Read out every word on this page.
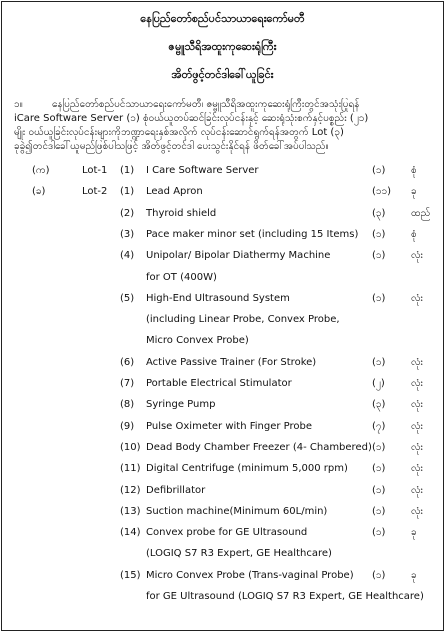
နေပြည်တော်စည်ပင်သာယာရေးကော်မတီ
ဇမ္ဗူသီရိအထူးကုဆေးရုံကြီး
အိတ်ဖွင့်တင်ဒါခေါ်ယူခြင်း
၁။	နေပြည်တော်စည်ပင်သာယာရေးကော်မတီ၊ ဇမ္ဗူသီရိအထူးကုဆေးရုံကြီးတွင်အသုံးပြုရန်
iCare Software Server (၁) စုံဝယ်ယူတပ်ဆင်ခြင်းလုပ်ငန်းနှင့် ဆေးရုံသုံးစက်နှင့်ပစ္စည်း (၂၁)
မျိုး ဝယ်ယူခြင်းလုပ်ငန်းများကိုဘဏ္ဍာရေးနှစ်အလိုက် လုပ်ငန်းဆောင်ရွက်ရန်အတွက် Lot (၃)
ခုခွဲ၍တင်ဒါခေါ်ယူမည်ဖြစ်ပါသဖြင့် အိတ်ဖွင့်တင်ဒါ ပေးသွင်းနိုင်ရန် ဖိတ်ခေါ်အပ်ပါသည်။
(က)	Lot-1 (1) I Care Software Server	(၁)	စုံ
(ခ)	Lot-2 (1) Lead Apron	(၁၁) ခု
(2) Thyroid shield	(၃)	ထည်
(3) Pace maker minor set (including 15 Items) (၁)	စုံ
(4) Unipolar/ Bipolar Diathermy Machine	(၁)	လုံး
for OT (400W)
(5) High-End Ultrasound System	(၁)	လုံး
(including Linear Probe, Convex Probe,
Micro Convex Probe)
(6) Active Passive Trainer (For Stroke)	(၁)	လုံး
(7) Portable Electrical Stimulator	(၂)	လုံး
(8) Syringe Pump	(၃)	လုံး
(9) Pulse Oximeter with Finger Probe	(၇)	လုံး
(10) Dead Body Chamber Freezer (4- Chambered) (၁)	လုံး
(11) Digital Centrifuge (minimum 5,000 rpm) (၁)	လုံး
(12) Defibrillator	(၁)	လုံး
(13) Suction machine(Minimum 60L/min)	(၁)	လုံး
(14) Convex probe for GE Ultrasound	(၁)	ခု
(LOGIQ S7 R3 Expert, GE Healthcare)
(15) Micro Convex Probe (Trans-vaginal Probe) (၁)	ခု
for GE Ultrasound (LOGIQ S7 R3 Expert, GE Healthcare)
